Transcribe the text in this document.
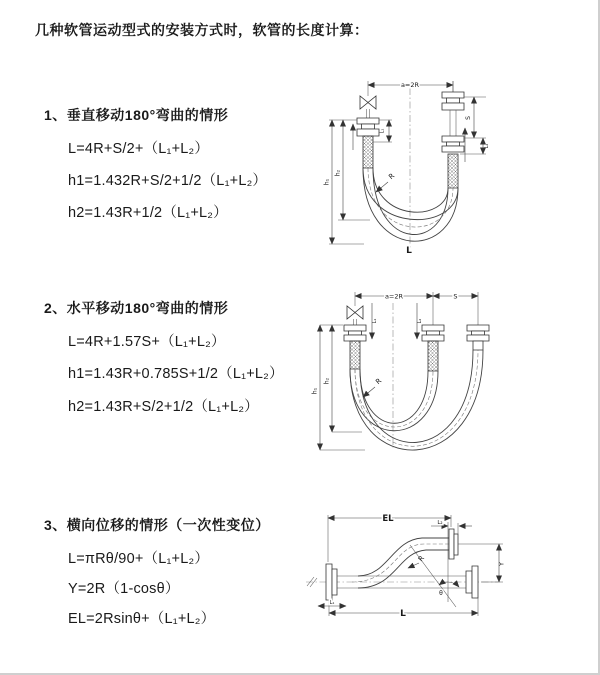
几种软管运动型式的安装方式时，软管的长度计算：
1、垂直移动180°弯曲的情形
L=4R+S/2+（L₁+L₂）
h1=1.432R+S/2+1/2（L₁+L₂）
h2=1.43R+1/2（L₁+L₂）
a=2R
L₁
S
L₂
h₁
h₂	R
L
2、水平移动180°弯曲的情形
L=4R+1.57S+（L₁+L₂）
h1=1.43R+0.785S+1/2（L₁+L₂）
h2=1.43R+S/2+1/2（L₁+L₂）
a=2R	S
L₁	L₂
h₁
h₂	R
3、横向位移的情形（一次性变位）
L=πRθ/90+（L₁+L₂）
Y=2R（1-cosθ）
EL=2Rsinθ+（L₁+L₂）
EL	L₂
Y
θ
R
L
L₁
